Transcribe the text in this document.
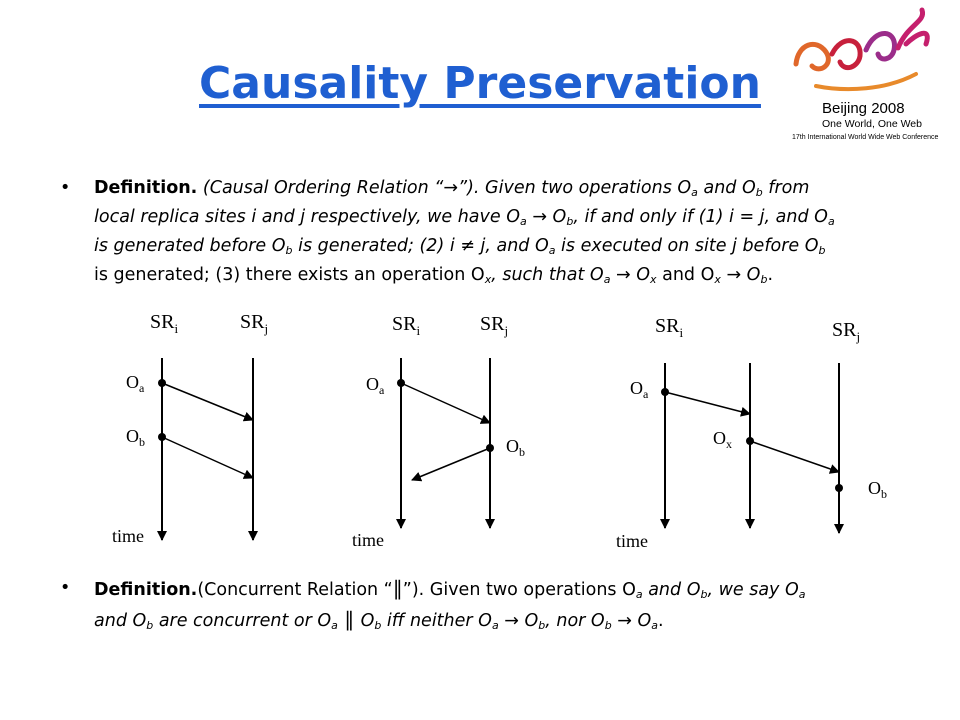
Causality Preservation	Beijing 2008
One World, One Web
17th International World Wide Web Conference
• Definition. (Causal Ordering Relation “→”). Given two operations $O_a$ and $O_b$ from
local replica sites i and j respectively, we have $O_a \to O_b$, if and only if (1) i = j, and $O_a$
is generated before $O_b$ is generated; (2) i ≠ j, and $O_a$ is executed on site j before $O_b$
is generated; (3) there exists an operation $O_x$, such that $O_a \to O_x$ and $O_x \to O_b$.
$SR_i$	$SR_j$
$O_a$
$O_b$
time
$SR_i$	$SR_j$
$O_a$
$O_b$
time
$SR_i$	$SR_j$
$O_a$
$O_x$
$O_b$
time
• Definition.(Concurrent Relation “‖”). Given two operations $O_a$ and $O_b$, we say $O_a$
and $O_b$ are concurrent or $O_a$ ‖ $O_b$ iff neither $O_a \to O_b$, nor $O_b \to O_a$.
